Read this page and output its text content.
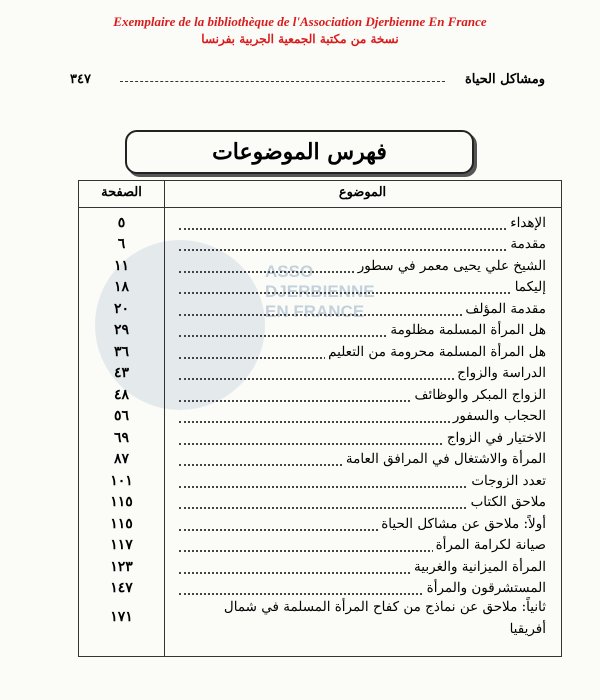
Exemplaire de la bibliothèque de l'Association Djerbienne En France
نسخة من مكتبة الجمعية الجربية بفرنسا
ومشاكل الحياة
٣٤٧
ASSO
DJERBIENNE
EN FRANCE
فهرس الموضوعات
الموضوع
الصفحة
الإهداء
٥
مقدمة
٦
الشيخ علي يحيى معمر في سطور
١١
إليكما
١٨
مقدمة المؤلف
٢٠
هل المرأة المسلمة مظلومة
٢٩
هل المرأة المسلمة محرومة من التعليم
٣٦
الدراسة والزواج
٤٣
الزواج المبكر والوظائف
٤٨
الحجاب والسفور
٥٦
الاختيار في الزواج
٦٩
المرأة والاشتغال في المرافق العامة
٨٧
تعدد الزوجات
١٠١
ملاحق الكتاب
١١٥
أولاً: ملاحق عن مشاكل الحياة
١١٥
صيانة لكرامة المرأة
١١٧
المرأة الميزانية والغربية
١٢٣
المستشرقون والمرأة
١٤٧
ثانياً: ملاحق عن نماذج من كفاح المرأة المسلمة في شمال
١٧١
أفريقيا
